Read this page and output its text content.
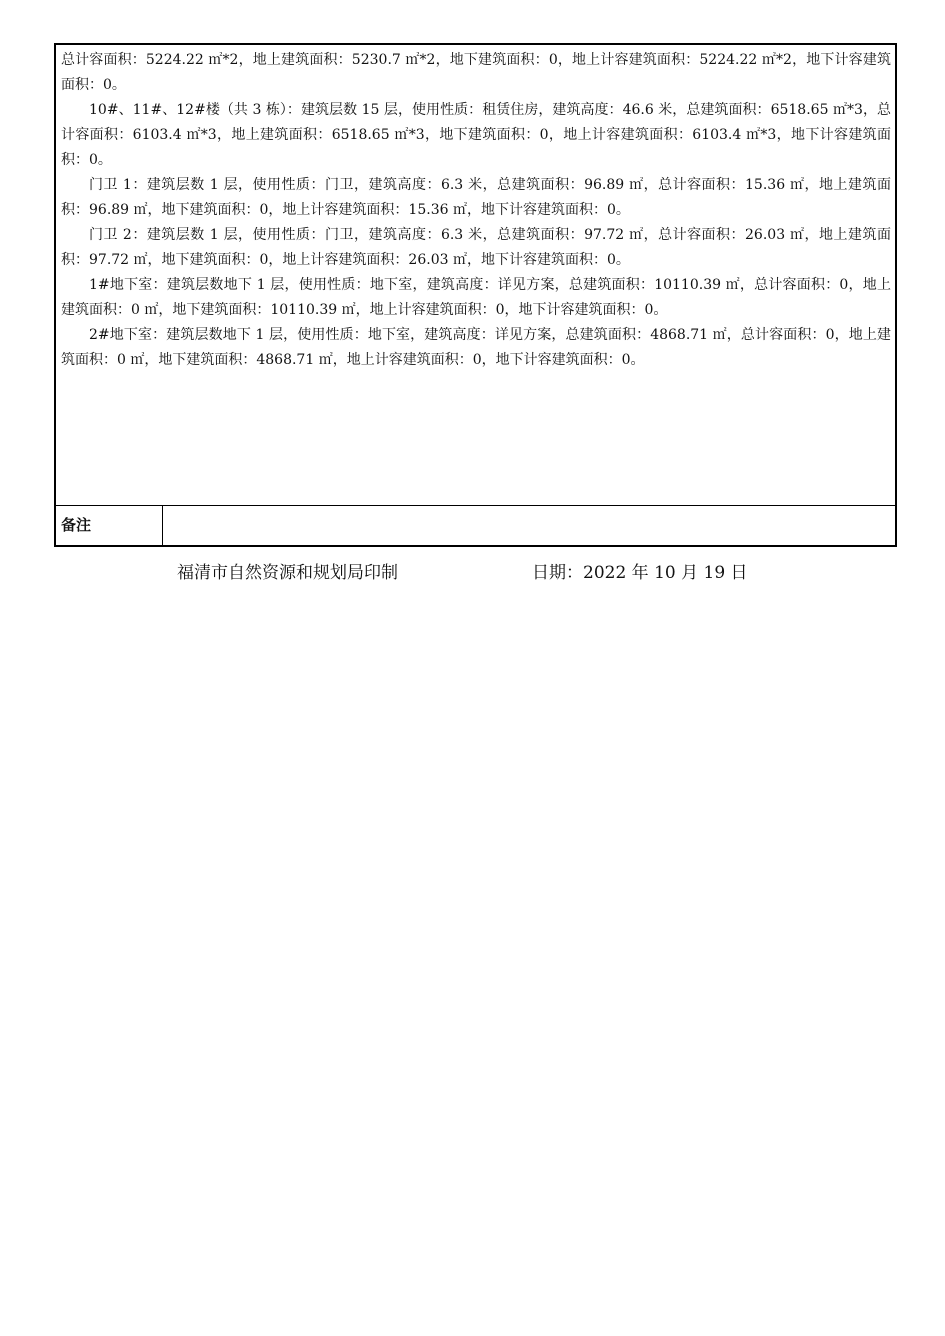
总计容面积：5224.22 ㎡*2，地上建筑面积：5230.7 ㎡*2，地下建筑面积：0，地上计容建筑面积：5224.22 ㎡*2，地下计容建筑面积：0。

10#、11#、12#楼（共 3 栋）：建筑层数 15 层，使用性质：租赁住房，建筑高度：46.6 米，总建筑面积：6518.65 ㎡*3，总计容面积：6103.4 ㎡*3，地上建筑面积：6518.65 ㎡*3，地下建筑面积：0，地上计容建筑面积：6103.4 ㎡*3，地下计容建筑面积：0。

门卫 1：建筑层数 1 层，使用性质：门卫，建筑高度：6.3 米，总建筑面积：96.89 ㎡，总计容面积：15.36 ㎡，地上建筑面积：96.89 ㎡，地下建筑面积：0，地上计容建筑面积：15.36 ㎡，地下计容建筑面积：0。

门卫 2：建筑层数 1 层，使用性质：门卫，建筑高度：6.3 米，总建筑面积：97.72 ㎡，总计容面积：26.03 ㎡，地上建筑面积：97.72 ㎡，地下建筑面积：0，地上计容建筑面积：26.03 ㎡，地下计容建筑面积：0。

1#地下室：建筑层数地下 1 层，使用性质：地下室，建筑高度：详见方案，总建筑面积：10110.39 ㎡，总计容面积：0，地上建筑面积：0 ㎡，地下建筑面积：10110.39 ㎡，地上计容建筑面积：0，地下计容建筑面积：0。

2#地下室：建筑层数地下 1 层，使用性质：地下室，建筑高度：详见方案，总建筑面积：4868.71 ㎡，总计容面积：0，地上建筑面积：0 ㎡，地下建筑面积：4868.71 ㎡，地上计容建筑面积：0，地下计容建筑面积：0。

备注
福清市自然资源和规划局印制	日期：2022 年 10 月 19 日
